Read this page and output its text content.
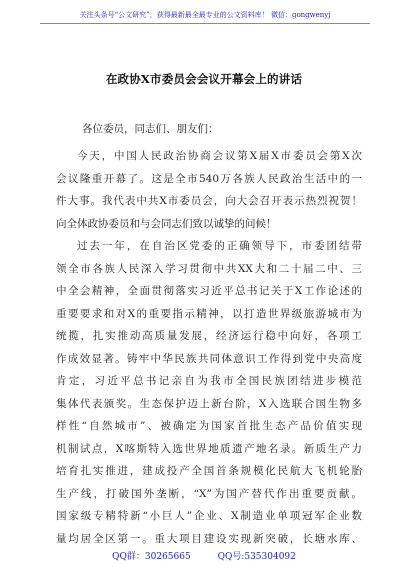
关注头条号“公文研究”，获得最新最全最专业的公文资料库！ 微信：gongwenyj
在政协X市委员会会议开幕会上的讲话
各位委员，同志们、朋友们：
今天，中国人民政治协商会议第X届X市委员会第X次
会议隆重开幕了。这是全市540万各族人民政治生活中的一
件大事。我代表中共X市委员会，向大会召开表示热烈祝贺！
向全体政协委员和与会同志们致以诚挚的问候！
过去一年，在自治区党委的正确领导下，市委团结带
领全市各族人民深入学习贯彻中共XX大和二十届二中、三
中全会精神，全面贯彻落实习近平总书记关于X工作论述的
重要要求和对X的重要指示精神，以打造世界级旅游城市为
统揽，扎实推动高质量发展，经济运行稳中向好，各项工
作成效显著。铸牢中华民族共同体意识工作得到党中央高度
肯定，习近平总书记亲自为我市全国民族团结进步模范
集体代表颁奖。生态保护迈上新台阶，X入选联合国生物多
样性“自然城市”、被确定为国家首批生态产品价值实现
机制试点，X喀斯特入选世界地质遗产地名录。新质生产力
培育扎实推进，建成投产全国首条规模化民航大飞机轮胎
生产线，打破国外垄断，“X”为国产替代作出重要贡献。
国家级专精特新“小巨人”企业、X制造业单项冠军企业数
量均居全区第一。重大项目建设实现新突破，长塘水库、
QQ群：30265665	QQ号:535304092
